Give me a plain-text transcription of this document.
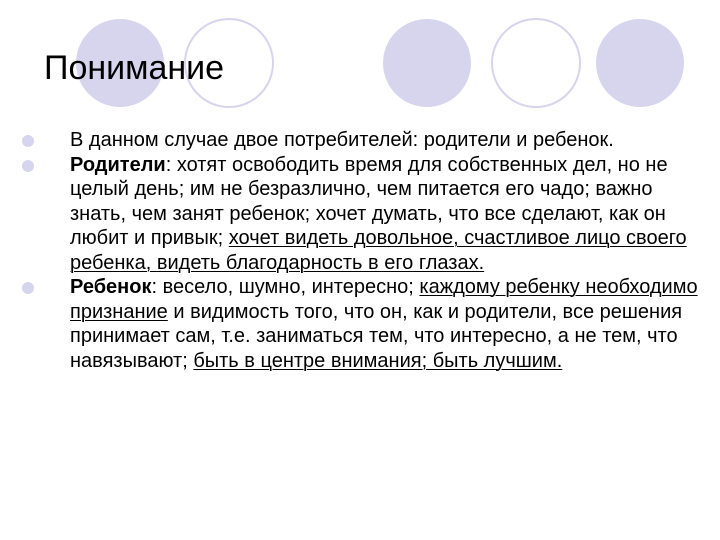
Понимание
В данном случае двое потребителей: родители и ребенок.
Родители: хотят освободить время для собственных дел, но не целый день; им не безразлично, чем питается его чадо; важно знать, чем занят ребенок; хочет думать, что все сделают, как он любит и привык; хочет видеть довольное, счастливое лицо своего ребенка, видеть благодарность в его глазах.
Ребенок: весело, шумно, интересно; каждому ребенку необходимо признание и видимость того, что он, как и родители, все решения принимает сам, т.е. заниматься тем, что интересно, а не тем, что навязывают; быть в центре внимания; быть лучшим.
